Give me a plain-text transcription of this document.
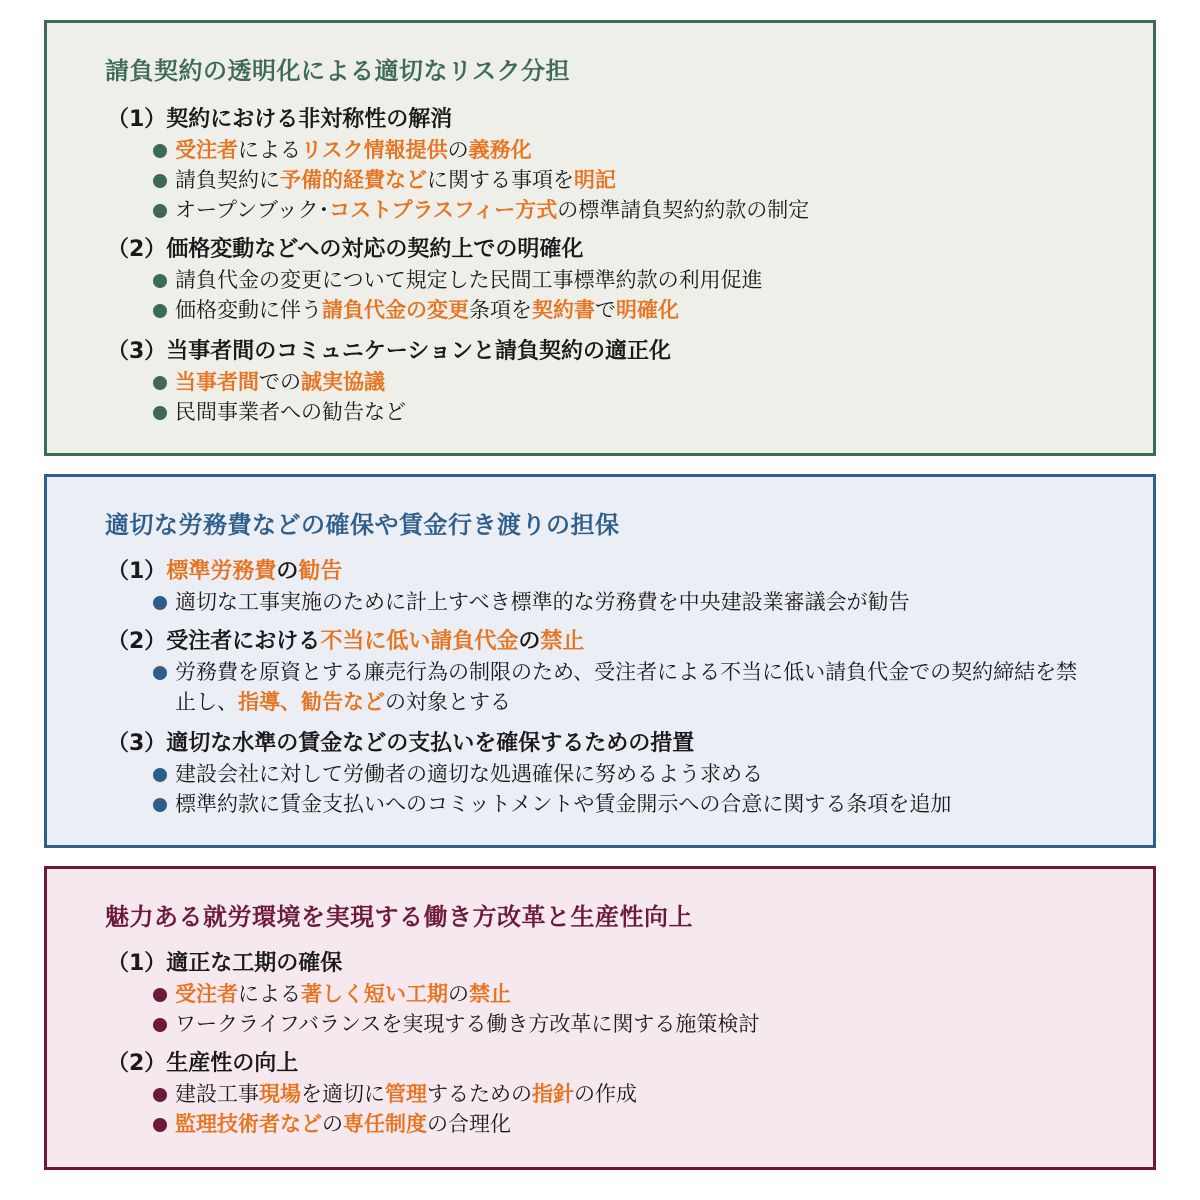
請負契約の透明化による適切なリスク分担
（1）契約における非対称性の解消
受注者によるリスク情報提供の義務化
請負契約に予備的経費などに関する事項を明記
オープンブック･コストプラスフィー方式の標準請負契約約款の制定
（2）価格変動などへの対応の契約上での明確化
請負代金の変更について規定した民間工事標準約款の利用促進
価格変動に伴う請負代金の変更条項を契約書で明確化
（3）当事者間のコミュニケーションと請負契約の適正化
当事者間での誠実協議
民間事業者への勧告など
適切な労務費などの確保や賃金行き渡りの担保
（1）標準労務費の勧告
適切な工事実施のために計上すべき標準的な労務費を中央建設業審議会が勧告
（2）受注者における不当に低い請負代金の禁止
労務費を原資とする廉売行為の制限のため、受注者による不当に低い請負代金での契約締結を禁止し、指導、勧告などの対象とする
（3）適切な水準の賃金などの支払いを確保するための措置
建設会社に対して労働者の適切な処遇確保に努めるよう求める
標準約款に賃金支払いへのコミットメントや賃金開示への合意に関する条項を追加
魅力ある就労環境を実現する働き方改革と生産性向上
（1）適正な工期の確保
受注者による著しく短い工期の禁止
ワークライフバランスを実現する働き方改革に関する施策検討
（2）生産性の向上
建設工事現場を適切に管理するための指針の作成
監理技術者などの専任制度の合理化
